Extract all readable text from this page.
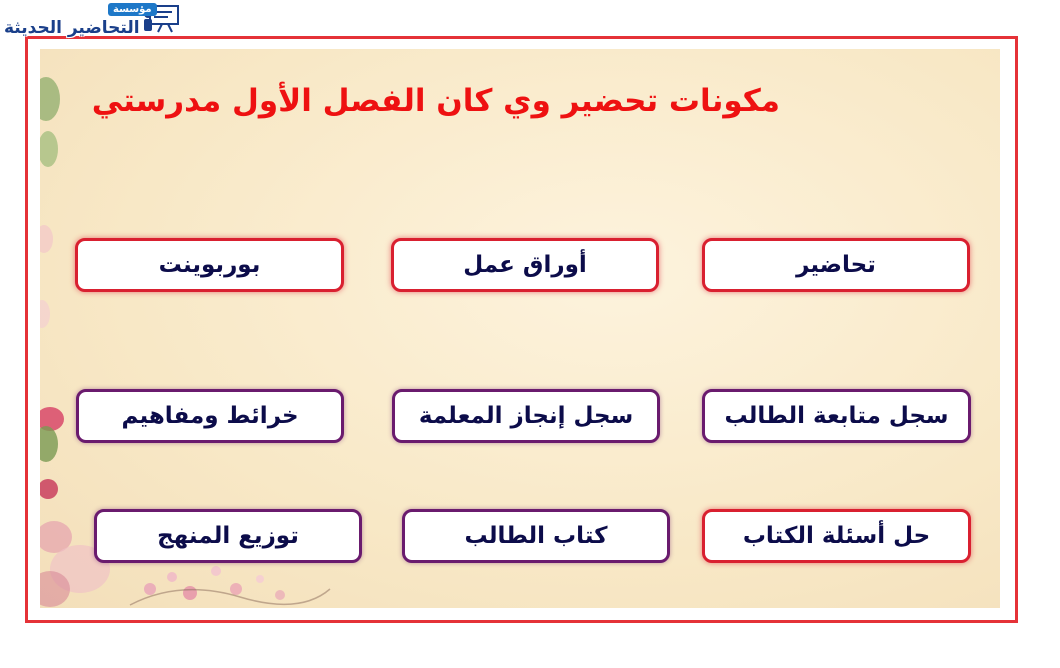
مؤسسة
التحاضير الحديثة
مكونات تحضير وي كان الفصل الأول مدرستي
تحاضير
أوراق عمل
بوربوينت
سجل متابعة الطالب
سجل إنجاز المعلمة
خرائط ومفاهيم
حل أسئلة الكتاب
كتاب الطالب
توزيع المنهج
